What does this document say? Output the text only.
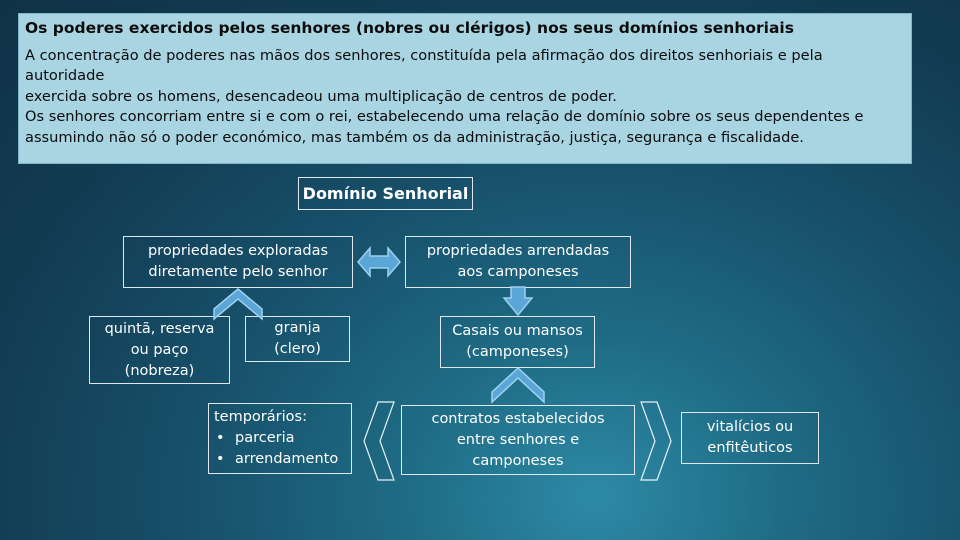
Os poderes exercidos pelos senhores (nobres ou clérigos) nos seus domínios senhoriais

A concentração de poderes nas mãos dos senhores, constituída pela afirmação dos direitos senhoriais e pela autoridade
exercida sobre os homens, desencadeou uma multiplicação de centros de poder.

Os senhores concorriam entre si e com o rei, estabelecendo uma relação de domínio sobre os seus dependentes e
assumindo não só o poder económico, mas também os da administração, justiça, segurança e fiscalidade.

Domínio Senhorial
propriedades exploradas
diretamente pelo senhor
propriedades arrendadas
aos camponeses
quintã, reserva
ou paço
(nobreza)
granja
(clero)
Casais ou mansos
(camponeses)
contratos estabelecidos
entre senhores e
camponeses
temporários:
• parceria
• arrendamento
vitalícios ou
enfitêuticos
